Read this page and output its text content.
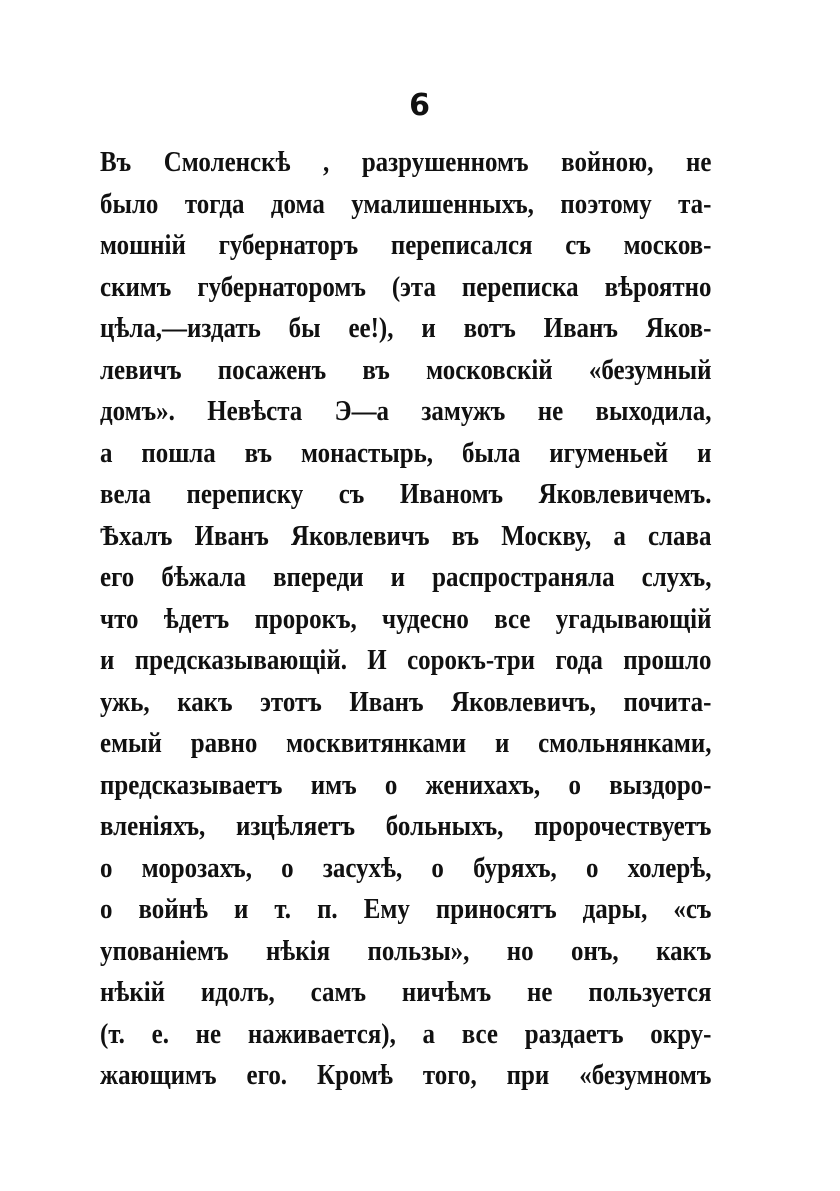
6
Въ Смоленскѣ , разрушенномъ войною, не
было тогда дома умалишенныхъ, поэтому та-
мошній губернаторъ переписался съ москов-
скимъ губернаторомъ (эта переписка вѣроятно
цѣла,—издать бы ее!), и вотъ Иванъ Яков-
левичъ посаженъ въ московскій «безумный
домъ». Невѣста Э—а замужъ не выходила,
а пошла въ монастырь, была игуменьей и
вела переписку съ Иваномъ Яковлевичемъ.
Ѣхалъ Иванъ Яковлевичъ въ Москву, а слава
его бѣжала впереди и распространяла слухъ,
что ѣдетъ пророкъ, чудесно все угадывающій
и предсказывающій. И сорокъ-три года прошло
ужь, какъ этотъ Иванъ Яковлевичъ, почита-
емый равно москвитянками и смольнянками,
предсказываетъ имъ о женихахъ, о выздоро-
вленіяхъ, изцѣляетъ больныхъ, пророчествуетъ
о морозахъ, о засухѣ, о буряхъ, о холерѣ,
о войнѣ и т. п. Ему приносятъ дары, «съ
упованіемъ нѣкія пользы», но онъ, какъ
нѣкій идолъ, самъ ничѣмъ не пользуется
(т. е. не наживается), а все раздаетъ окру-
жающимъ его. Кромѣ того, при «безумномъ
